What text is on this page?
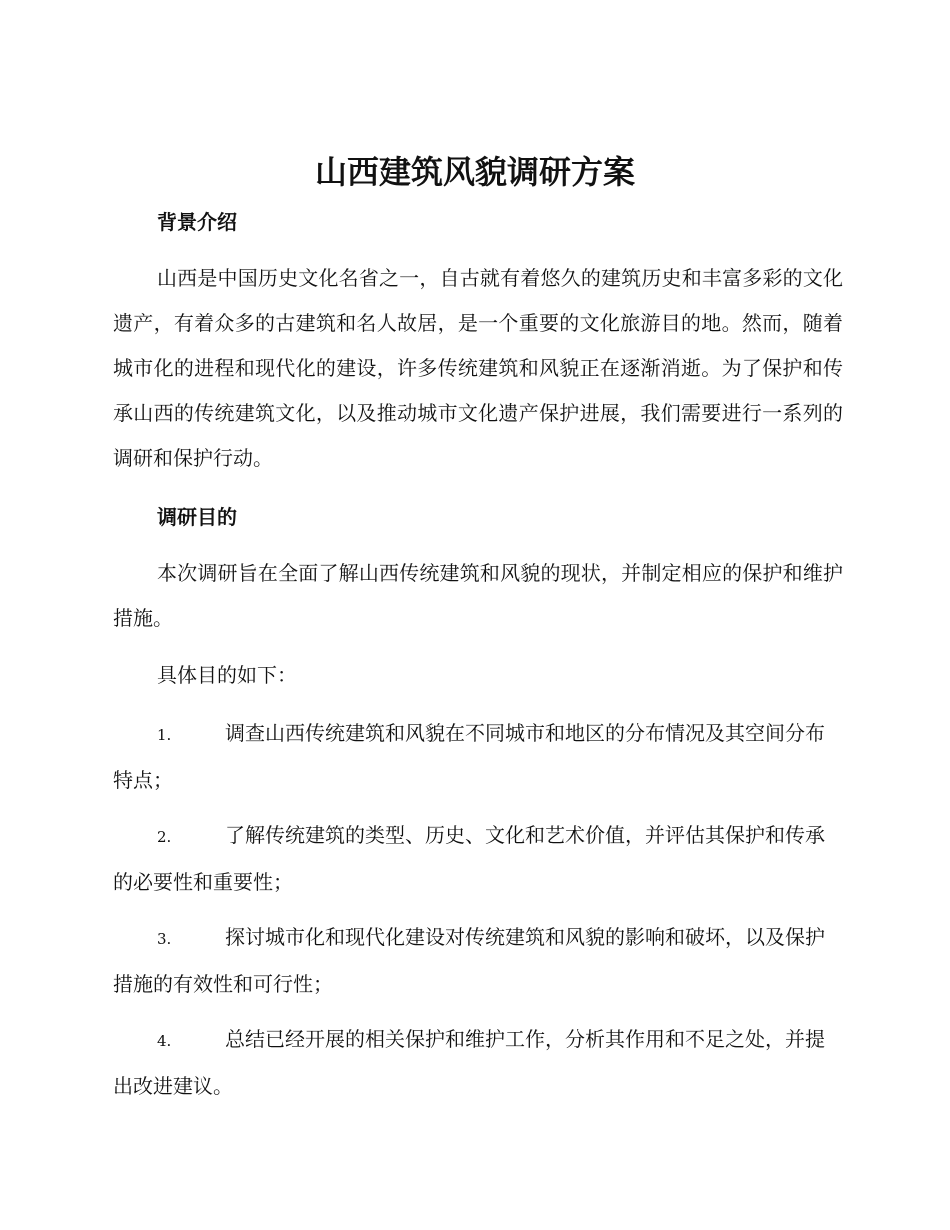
山西建筑风貌调研方案
背景介绍

山西是中国历史文化名省之一，自古就有着悠久的建筑历史和丰富多彩的文化遗产，有着众多的古建筑和名人故居，是一个重要的文化旅游目的地。然而，随着城市化的进程和现代化的建设，许多传统建筑和风貌正在逐渐消逝。为了保护和传承山西的传统建筑文化，以及推动城市文化遗产保护进展，我们需要进行一系列的调研和保护行动。

调研目的

本次调研旨在全面了解山西传统建筑和风貌的现状，并制定相应的保护和维护措施。

具体目的如下：

1.	调查山西传统建筑和风貌在不同城市和地区的分布情况及其空间分布特点；

2.	了解传统建筑的类型、历史、文化和艺术价值，并评估其保护和传承的必要性和重要性；

3.	探讨城市化和现代化建设对传统建筑和风貌的影响和破坏，以及保护措施的有效性和可行性；

4.	总结已经开展的相关保护和维护工作，分析其作用和不足之处，并提出改进建议。
